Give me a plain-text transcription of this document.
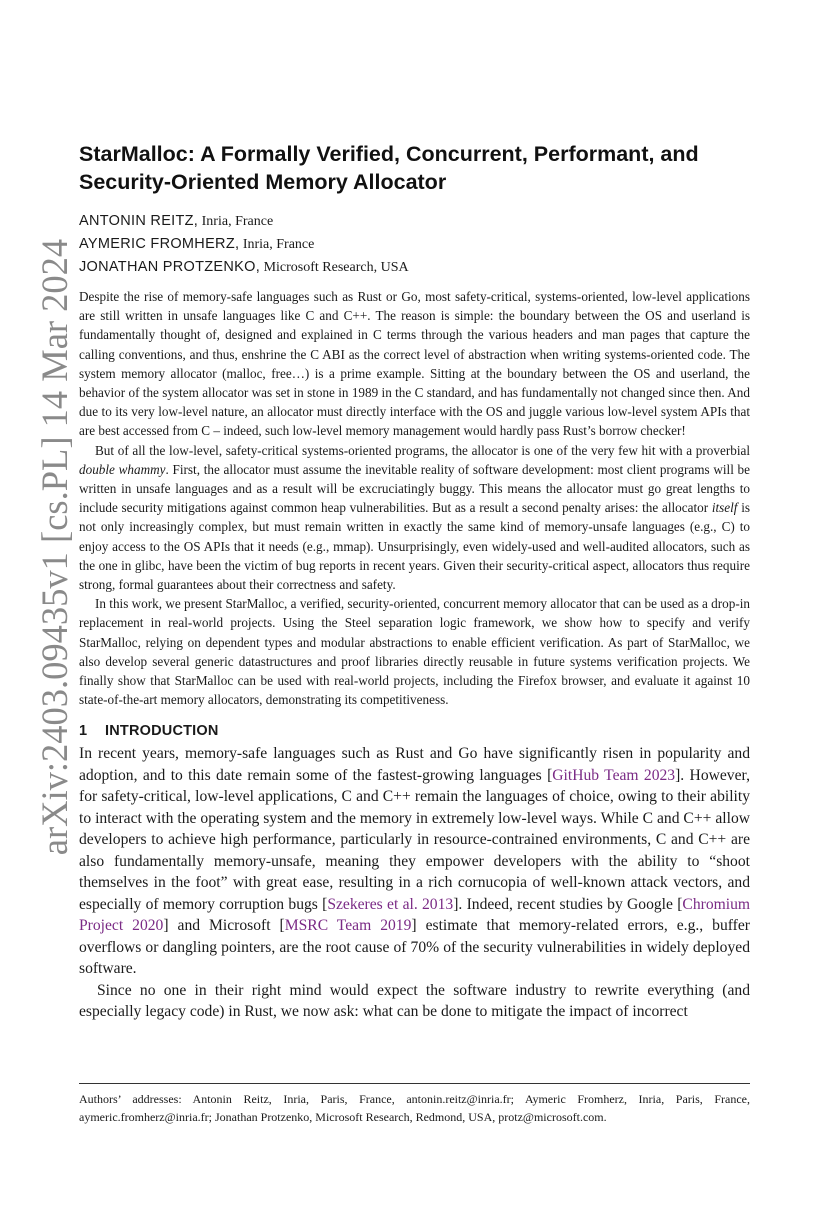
arXiv:2403.09435v1 [cs.PL] 14 Mar 2024
StarMalloc: A Formally Verified, Concurrent, Performant, and
Security-Oriented Memory Allocator
ANTONIN REITZ, Inria, France
AYMERIC FROMHERZ, Inria, France
JONATHAN PROTZENKO, Microsoft Research, USA

Despite the rise of memory-safe languages such as Rust or Go, most safety-critical, systems-oriented, low-level applications are still written in unsafe languages like C and C++. The reason is simple: the boundary between the OS and userland is fundamentally thought of, designed and explained in C terms through the various headers and man pages that capture the calling conventions, and thus, enshrine the C ABI as the correct level of abstraction when writing systems-oriented code. The system memory allocator (malloc, free…) is a prime example. Sitting at the boundary between the OS and userland, the behavior of the system allocator was set in stone in 1989 in the C standard, and has fundamentally not changed since then. And due to its very low-level nature, an allocator must directly interface with the OS and juggle various low-level system APIs that are best accessed from C – indeed, such low-level memory management would hardly pass Rust’s borrow checker!

But of all the low-level, safety-critical systems-oriented programs, the allocator is one of the very few hit with a proverbial double whammy. First, the allocator must assume the inevitable reality of software development: most client programs will be written in unsafe languages and as a result will be excruciatingly buggy. This means the allocator must go great lengths to include security mitigations against common heap vulnerabilities. But as a result a second penalty arises: the allocator itself is not only increasingly complex, but must remain written in exactly the same kind of memory-unsafe languages (e.g., C) to enjoy access to the OS APIs that it needs (e.g., mmap). Unsurprisingly, even widely-used and well-audited allocators, such as the one in glibc, have been the victim of bug reports in recent years. Given their security-critical aspect, allocators thus require strong, formal guarantees about their correctness and safety.

In this work, we present StarMalloc, a verified, security-oriented, concurrent memory allocator that can be used as a drop-in replacement in real-world projects. Using the Steel separation logic framework, we show how to specify and verify StarMalloc, relying on dependent types and modular abstractions to enable efficient verification. As part of StarMalloc, we also develop several generic datastructures and proof libraries directly reusable in future systems verification projects. We finally show that StarMalloc can be used with real-world projects, including the Firefox browser, and evaluate it against 10 state-of-the-art memory allocators, demonstrating its competitiveness.

1 INTRODUCTION

In recent years, memory-safe languages such as Rust and Go have significantly risen in popularity and adoption, and to this date remain some of the fastest-growing languages [GitHub Team 2023]. However, for safety-critical, low-level applications, C and C++ remain the languages of choice, owing to their ability to interact with the operating system and the memory in extremely low-level ways. While C and C++ allow developers to achieve high performance, particularly in resource-contrained environments, C and C++ are also fundamentally memory-unsafe, meaning they empower developers with the ability to “shoot themselves in the foot” with great ease, resulting in a rich cornucopia of well-known attack vectors, and especially of memory corruption bugs [Szekeres et al. 2013]. Indeed, recent studies by Google [Chromium Project 2020] and Microsoft [MSRC Team 2019] estimate that memory-related errors, e.g., buffer overflows or dangling pointers, are the root cause of 70% of the security vulnerabilities in widely deployed software.

Since no one in their right mind would expect the software industry to rewrite everything (and especially legacy code) in Rust, we now ask: what can be done to mitigate the impact of incorrect

Authors’ addresses: Antonin Reitz, Inria, Paris, France, antonin.reitz@inria.fr; Aymeric Fromherz, Inria, Paris, France, aymeric.fromherz@inria.fr; Jonathan Protzenko, Microsoft Research, Redmond, USA, protz@microsoft.com.
